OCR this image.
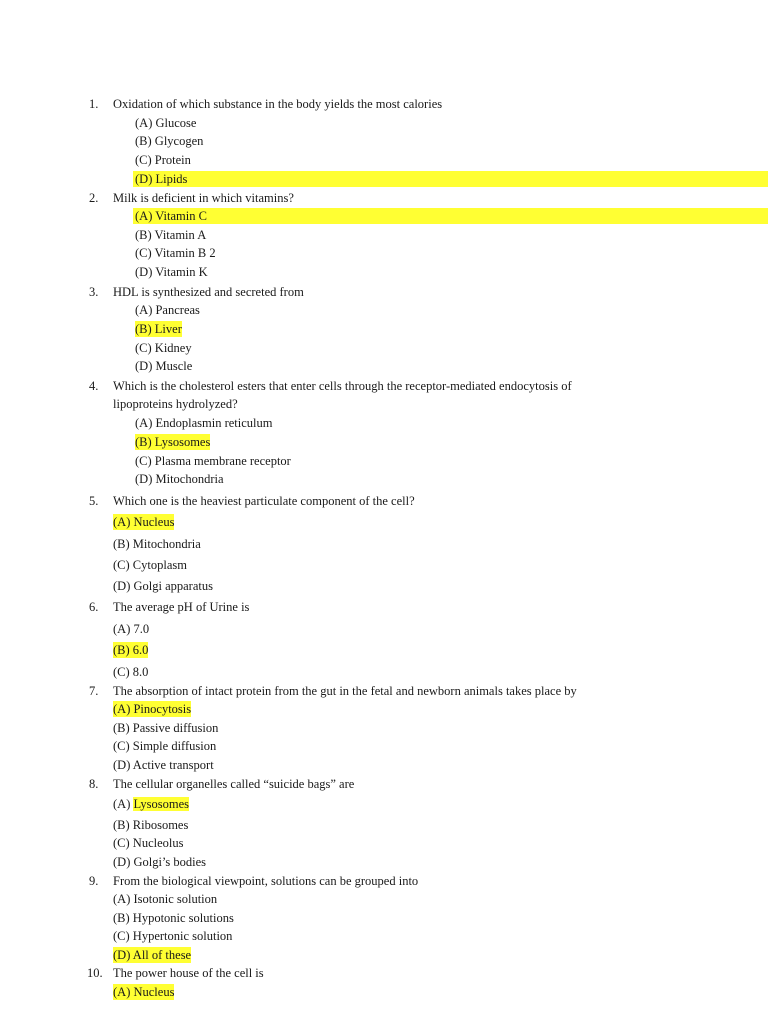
1. Oxidation of which substance in the body yields the most calories
(A) Glucose
(B) Glycogen
(C) Protein
(D) Lipids
2. Milk is deficient in which vitamins?
(A) Vitamin C
(B) Vitamin A
(C) Vitamin B 2
(D) Vitamin K
3. HDL is synthesized and secreted from
(A) Pancreas
(B) Liver
(C) Kidney
(D) Muscle
4. Which is the cholesterol esters that enter cells through the receptor-mediated endocytosis of
lipoproteins hydrolyzed?
(A) Endoplasmin reticulum
(B) Lysosomes
(C) Plasma membrane receptor
(D) Mitochondria
5. Which one is the heaviest particulate component of the cell?
(A) Nucleus
(B) Mitochondria
(C) Cytoplasm
(D) Golgi apparatus
6. The average pH of Urine is
(A) 7.0
(B) 6.0
(C) 8.0
7. The absorption of intact protein from the gut in the fetal and newborn animals takes place by
(A) Pinocytosis
(B) Passive diffusion
(C) Simple diffusion
(D) Active transport
8. The cellular organelles called “suicide bags” are
(A) Lysosomes
(B) Ribosomes
(C) Nucleolus
(D) Golgi’s bodies
9. From the biological viewpoint, solutions can be grouped into
(A) Isotonic solution
(B) Hypotonic solutions
(C) Hypertonic solution
(D) All of these
10. The power house of the cell is
(A) Nucleus
